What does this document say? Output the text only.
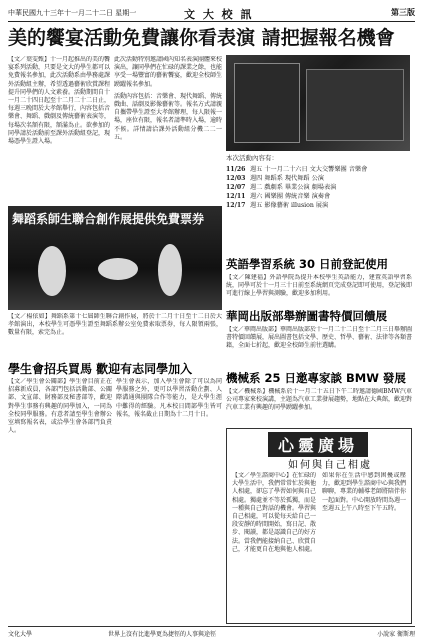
中華民國九十三年十一月二十二日 星期一	文 大 校 訊	第三版
美的饗宴活動免費讓你看表演 請把握報名機會

【文／葉雯甄】十一月起推出的美的饗宴系列活動，只要是文大的學生都可以免費報名參加，此次活動系由學務處課外活動組主辦，希望透過藝術欣賞課程提升同學們的人文素養。活動期間自十一月二十四日起至十二月二十二日止，每週三晚間於大孝館舉行，內容包括音樂會、舞蹈、戲劇及傳統藝術表演等，每場次名額有限，額滿為止。欲參加的同學請於活動前至課外活動組登記，現場憑學生證入場。

此次活動特別邀請國內知名表演團體來校演出，讓同學們在忙碌的課業之餘，也能享受一場豐富的藝術饗宴，歡迎全校師生踴躍報名參加。

活動內容包括：音樂會、現代舞蹈、傳統戲曲、話劇及影像藝術等。報名方式請親自攜帶學生證至大孝館辦理，每人限報一場，座位有限，報名者請準時入場，逾時不候。詳情請洽課外活動組分機二二一五。

本次活動內容有：
11/26 週五 十一月二十六日 文大交響樂團 音樂會
12/03 週四 舞蹈系 現代舞蹈 公演
12/07 週二 戲劇系 畢業公演 劇場表演
12/11 週六 國樂團 傳統音樂 演奏會
12/17 週五 影像藝術 illusion 展演
舞蹈系師生聯合創作展提供免費票券

【文／楊依如】舞蹈系第十七屆師生聯合創作展，將於十二月十日至十二日於大孝館演出，本校學生可憑學生證至舞蹈系辦公室免費索取票券，每人限領兩張，數量有限，索完為止。

英語學習系統 30 日前登記使用
【文／陳建福】外語學院為提升本校學生英語能力，建置英語學習系統，同學可於十一月三十日前至系統網頁完成登記即可使用，登記後即可進行線上學習與測驗，歡迎多加利用。
華岡出版部舉辦圖書特價回饋展
【文／華岡出版部】華岡出版部於十一月二十二日至十二月三日舉辦圖書特價回饋展，展出圖書包括文學、歷史、哲學、藝術、法律等各類書籍，全面七折起，歡迎全校師生前往選購。
機械系 25 日邀專家談 BMW 發展
【文／機械系】機械系於十一月二十五日下午二時邀請德國BMW汽車公司專家來校演講，主題為汽車工業發展趨勢，地點在大典館，歡迎對汽車工業有興趣的同學踴躍參加。
學生會招兵買馬 歡迎有志同學加入

【文／學生會公關部】學生會目前正在招募新成員，各部門包括活動部、公關部、文宣部、財務部及秘書部等，歡迎對學生事務有興趣的同學加入，一同為全校同學服務。有意者請至學生會辦公室填寫報名表，或洽學生會各部門負責人。

學生會表示，加入學生會除了可以為同學服務之外，更可以學習活動企劃、人際溝通與團隊合作等能力，是大學生涯中難得的經驗。凡本校日間部學生皆可報名，報名截止日期為十二月十日。

心靈廣場
如何與自己相處

【文／學生諮商中心】在忙碌的大學生活中，我們常常忙於與他人相處，卻忘了學習如何與自己相處。獨處並不等於孤獨，而是一種與自己對話的機會。學習與自己相處，可以從每天給自己一段安靜的時間開始，寫日記、散步、閱讀，都是認識自己的好方法。當我們能接納自己、欣賞自己，才能更自在地與他人相處。

如果你在生活中感到困擾或壓力，歡迎到學生諮商中心與我們聊聊，專業的輔導老師將陪伴你一起面對。中心開放時間為週一至週五上午八時至下午五時。

文化大學	世界上沒有比進學更為捷徑的人事與途徑	小說家 衛斯理
